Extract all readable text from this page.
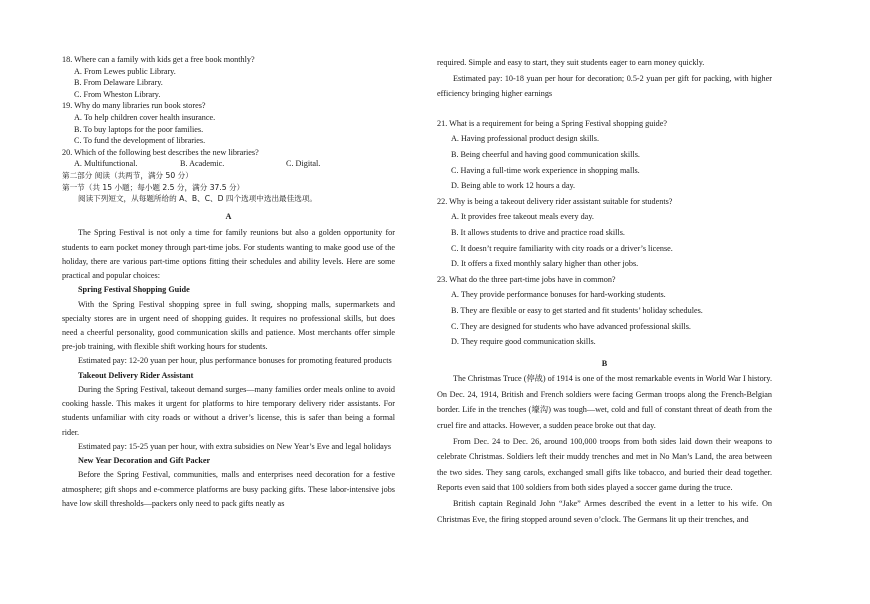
18. Where can a family with kids get a free book monthly?

A. From Lewes public Library.

B. From Delaware Library.

C. From Wheston Library.

19. Why do many libraries run book stores?

A. To help children cover health insurance.

B. To buy laptops for the poor families.

C. To fund the development of libraries.

20. Which of the following best describes the new libraries?

A. Multifunctional.	B. Academic.	C. Digital.

第二部分 阅读（共两节，满分 50 分）

第一节（共 15 小题；每小题 2.5 分，满分 37.5 分）

阅读下列短文，从每题所给的 A、B、C、D 四个选项中选出最佳选项。

A

The Spring Festival is not only a time for family reunions but also a golden opportunity for students to earn pocket money through part-time jobs. For students wanting to make good use of the holiday, there are various part-time options fitting their schedules and ability levels. Here are some practical and popular choices:

Spring Festival Shopping Guide

With the Spring Festival shopping spree in full swing, shopping malls, supermarkets and specialty stores are in urgent need of shopping guides. It requires no professional skills, but does need a cheerful personality, good communication skills and patience. Most merchants offer simple pre-job training, with flexible shift working hours for students.

Estimated pay: 12-20 yuan per hour, plus performance bonuses for promoting featured products

Takeout Delivery Rider Assistant

During the Spring Festival, takeout demand surges—many families order meals online to avoid cooking hassle. This makes it urgent for platforms to hire temporary delivery rider assistants. For students unfamiliar with city roads or without a driver’s license, this is safer than being a formal rider.

Estimated pay: 15-25 yuan per hour, with extra subsidies on New Year’s Eve and legal holidays

New Year Decoration and Gift Packer

Before the Spring Festival, communities, malls and enterprises need decoration for a festive atmosphere; gift shops and e-commerce platforms are busy packing gifts. These labor-intensive jobs have low skill thresholds—packers only need to pack gifts neatly as

required. Simple and easy to start, they suit students eager to earn money quickly.

Estimated pay: 10-18 yuan per hour for decoration; 0.5-2 yuan per gift for packing, with higher efficiency bringing higher earnings

21. What is a requirement for being a Spring Festival shopping guide?

A. Having professional product design skills.

B. Being cheerful and having good communication skills.

C. Having a full-time work experience in shopping malls.

D. Being able to work 12 hours a day.

22. Why is being a takeout delivery rider assistant suitable for students?

A. It provides free takeout meals every day.

B. It allows students to drive and practice road skills.

C. It doesn’t require familiarity with city roads or a driver’s license.

D. It offers a fixed monthly salary higher than other jobs.

23. What do the three part-time jobs have in common?

A. They provide performance bonuses for hard-working students.

B. They are flexible or easy to get started and fit students’ holiday schedules.

C. They are designed for students who have advanced professional skills.

D. They require good communication skills.

B

The Christmas Truce (停战) of 1914 is one of the most remarkable events in World War I history. On Dec. 24, 1914, British and French soldiers were facing German troops along the French-Belgian border. Life in the trenches (壕沟) was tough—wet, cold and full of constant threat of death from the cruel fire and attacks. However, a sudden peace broke out that day.

From Dec. 24 to Dec. 26, around 100,000 troops from both sides laid down their weapons to celebrate Christmas. Soldiers left their muddy trenches and met in No Man’s Land, the area between the two sides. They sang carols, exchanged small gifts like tobacco, and buried their dead together. Reports even said that 100 soldiers from both sides played a soccer game during the truce.

British captain Reginald John “Jake” Armes described the event in a letter to his wife. On Christmas Eve, the firing stopped around seven o’clock. The Germans lit up their trenches, and
